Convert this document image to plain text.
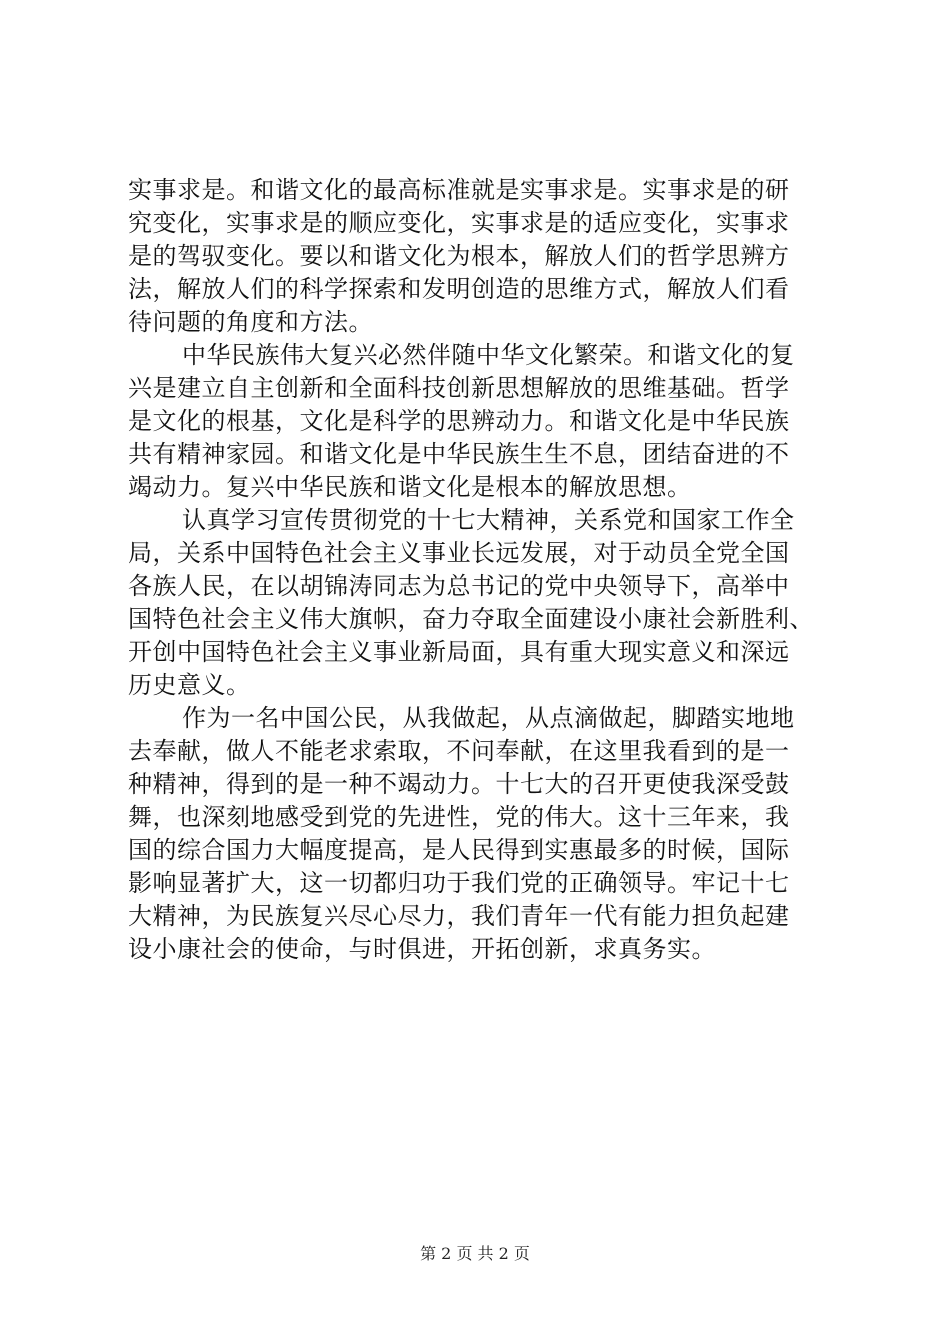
实事求是。和谐文化的最高标准就是实事求是。实事求是的研
究变化，实事求是的顺应变化，实事求是的适应变化，实事求
是的驾驭变化。要以和谐文化为根本，解放人们的哲学思辨方
法，解放人们的科学探索和发明创造的思维方式，解放人们看
待问题的角度和方法。
中华民族伟大复兴必然伴随中华文化繁荣。和谐文化的复
兴是建立自主创新和全面科技创新思想解放的思维基础。哲学
是文化的根基，文化是科学的思辨动力。和谐文化是中华民族
共有精神家园。和谐文化是中华民族生生不息，团结奋进的不
竭动力。复兴中华民族和谐文化是根本的解放思想。
认真学习宣传贯彻党的十七大精神，关系党和国家工作全
局，关系中国特色社会主义事业长远发展，对于动员全党全国
各族人民，在以胡锦涛同志为总书记的党中央领导下，高举中
国特色社会主义伟大旗帜，奋力夺取全面建设小康社会新胜利、
开创中国特色社会主义事业新局面，具有重大现实意义和深远
历史意义。
作为一名中国公民，从我做起，从点滴做起，脚踏实地地
去奉献，做人不能老求索取，不问奉献，在这里我看到的是一
种精神，得到的是一种不竭动力。十七大的召开更使我深受鼓
舞，也深刻地感受到党的先进性，党的伟大。这十三年来，我
国的综合国力大幅度提高，是人民得到实惠最多的时候，国际
影响显著扩大，这一切都归功于我们党的正确领导。牢记十七
大精神，为民族复兴尽心尽力，我们青年一代有能力担负起建
设小康社会的使命，与时俱进，开拓创新，求真务实。
第 2 页 共 2 页
